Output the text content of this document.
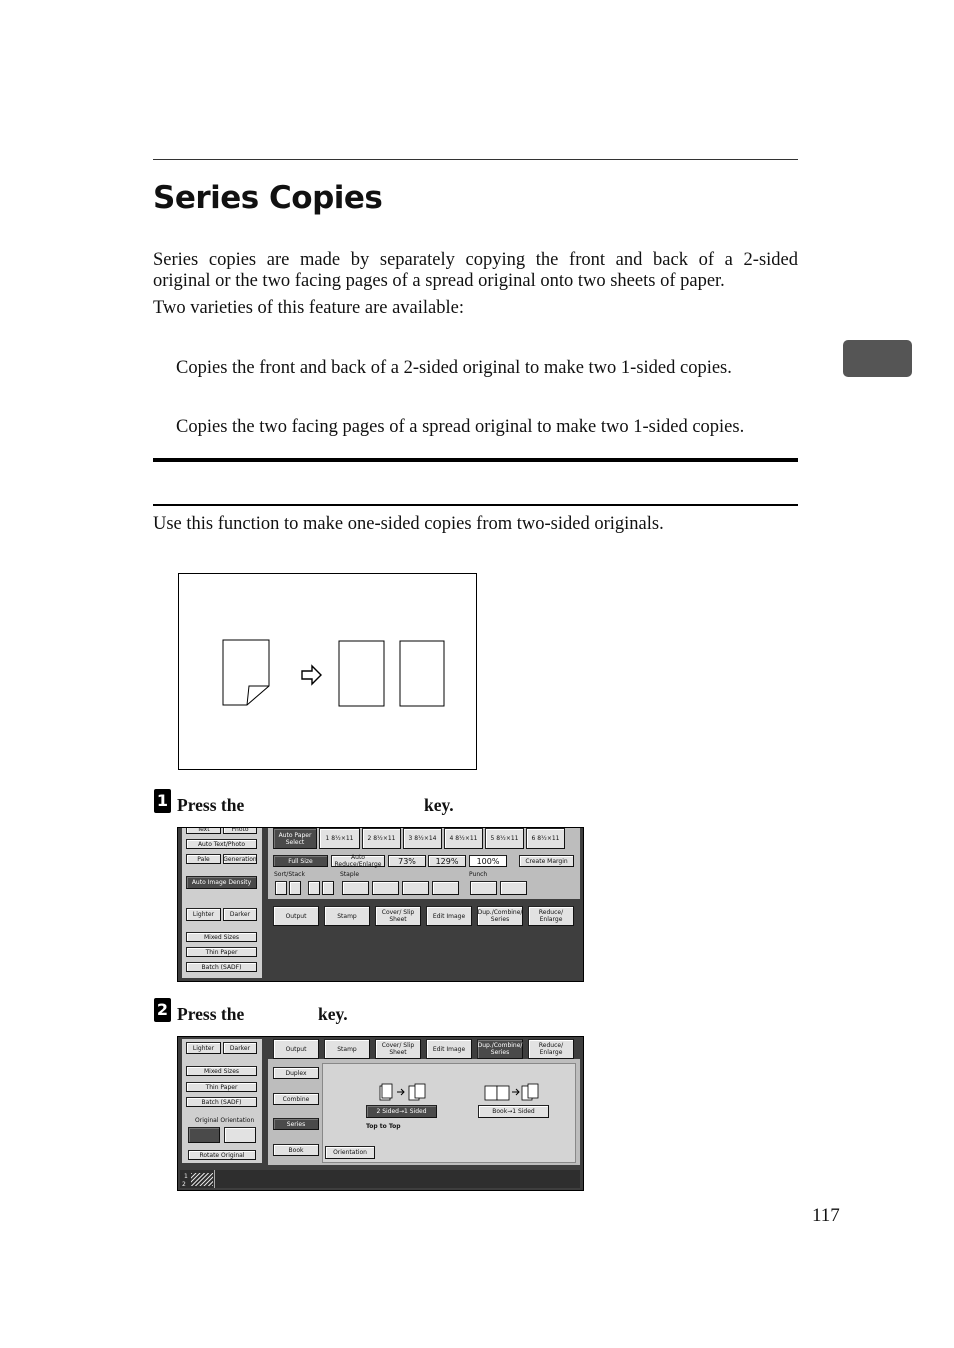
Series Copies
Series copies are made by separately copying the front and back of a 2-sided
original or the two facing pages of a spread original onto two sheets of paper.
Two varieties of this feature are available:
Copies the front and back of a 2-sided original to make two 1-sided copies.
Copies the two facing pages of a spread original to make two 1-sided copies.
Use this function to make one-sided copies from two-sided originals.
1 Press the	key.
Text	Photo
Auto Text/Photo
Pale	Generation
Auto Image Density
Lighter	Darker
Mixed Sizes
Thin Paper
Batch (SADF)
Auto Paper Select	1 8½×11	2 8½×11	3 8½×14	4 8½×11	5 8½×11	6 8½×11
Full Size	Auto Reduce/Enlarge	73%	129%	100%	Create Margin
Sort/Stack	Staple	Punch
Output	Stamp	Cover/ Slip Sheet	Edit Image	Dup./Combine/ Series
Reduce/ Enlarge
2 Press the	key.
Lighter	Darker
Mixed Sizes
Thin Paper
Batch (SADF)
Original Orientation
Rotate Original
Output	Stamp	Cover/ Slip Sheet	Edit Image	Dup./Combine/ Series
Reduce/ Enlarge
Duplex
Combine
Series
Book
2 Sided→1 Sided	Book→1 Sided
Top to Top
Orientation
1
2
117
